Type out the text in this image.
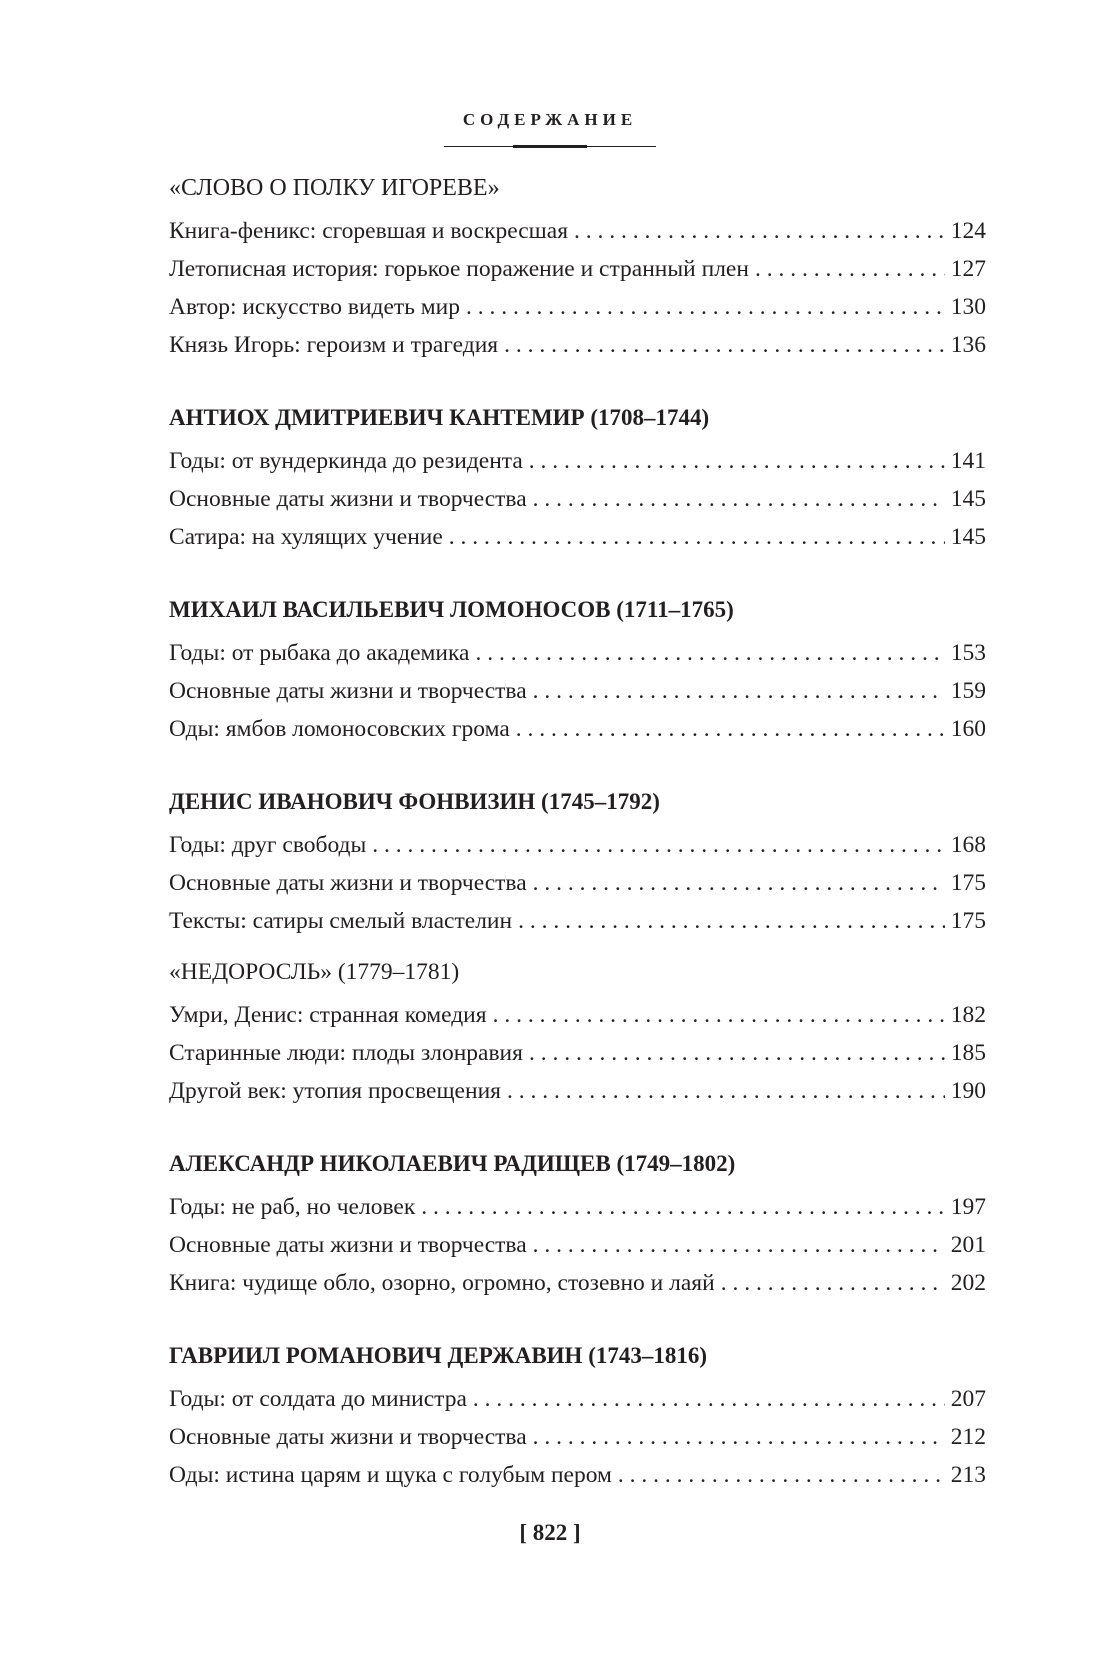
СОДЕРЖАНИЕ
«СЛОВО О ПОЛКУ ИГОРЕВЕ»
Книга-феникс: сгоревшая и воскресшая . . .	124
Летописная история: горькое поражение и странный плен . . .	127
Автор: искусство видеть мир . . .	130
Князь Игорь: героизм и трагедия . . .	136
АНТИОХ ДМИТРИЕВИЧ КАНТЕМИР (1708–1744)
Годы: от вундеркинда до резидента . . .	141
Основные даты жизни и творчества . . .	145
Сатира: на хулящих учение . . .	145
МИХАИЛ ВАСИЛЬЕВИЧ ЛОМОНОСОВ (1711–1765)
Годы: от рыбака до академика . . .	153
Основные даты жизни и творчества . . .	159
Оды: ямбов ломоносовских грома . . .	160
ДЕНИС ИВАНОВИЧ ФОНВИЗИН (1745–1792)
Годы: друг свободы . . .	168
Основные даты жизни и творчества . . .	175
Тексты: сатиры смелый властелин . . .	175
«НЕДОРОСЛЬ» (1779–1781)
Умри, Денис: странная комедия . . .	182
Старинные люди: плоды злонравия . . .	185
Другой век: утопия просвещения . . .	190
АЛЕКСАНДР НИКОЛАЕВИЧ РАДИЩЕВ (1749–1802)
Годы: не раб, но человек . . .	197
Основные даты жизни и творчества . . .	201
Книга: чудище обло, озорно, огромно, стозевно и лаяй . . .	202
ГАВРИИЛ РОМАНОВИЧ ДЕРЖАВИН (1743–1816)
Годы: от солдата до министра . . .	207
Основные даты жизни и творчества . . .	212
Оды: истина царям и щука с голубым пером . . .	213
[ 822 ]
